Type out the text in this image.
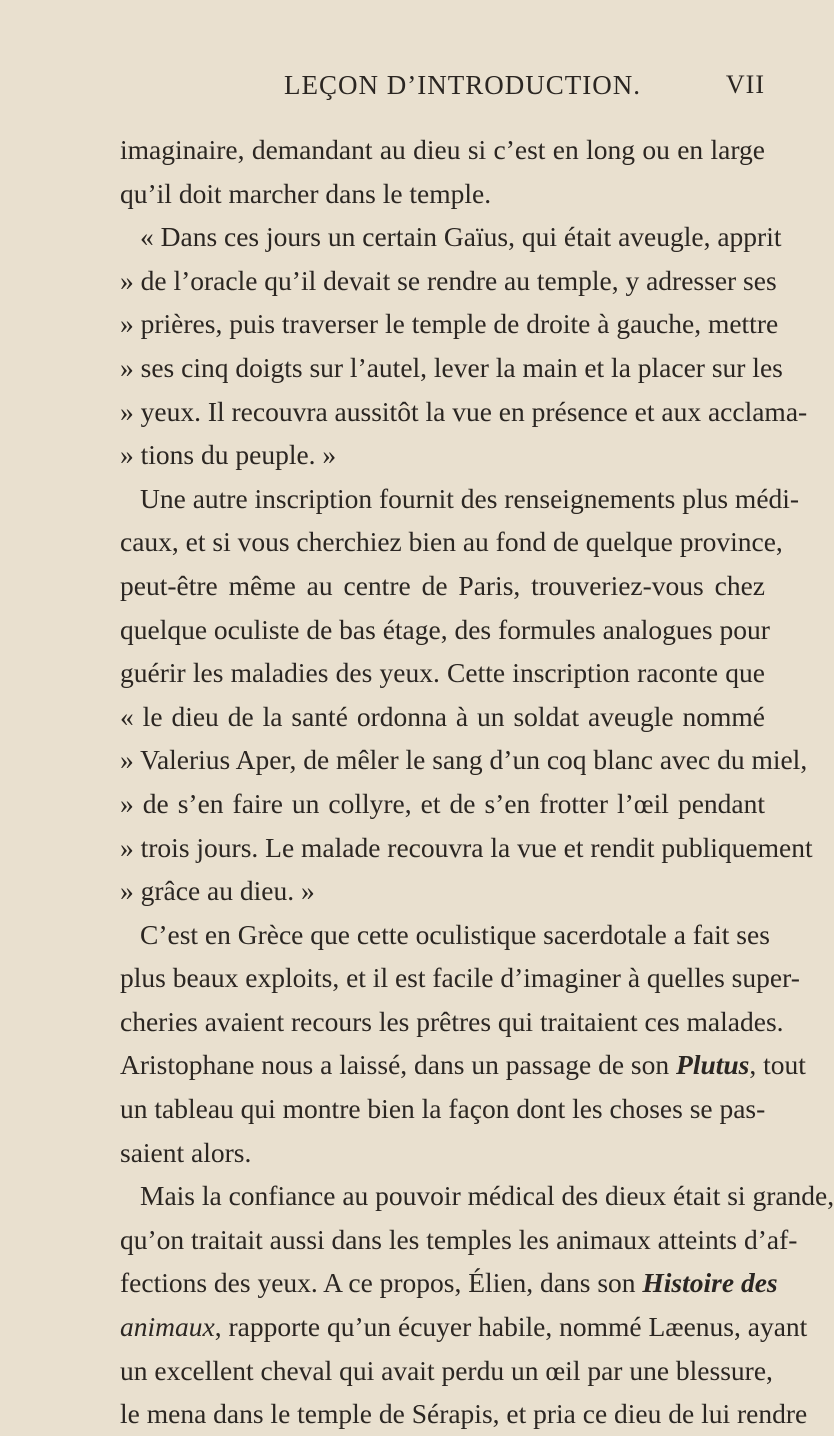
LEÇON D’INTRODUCTION.	VII
imaginaire, demandant au dieu si c’est en long ou en large
qu’il doit marcher dans le temple.
« Dans ces jours un certain Gaïus, qui était aveugle, apprit
» de l’oracle qu’il devait se rendre au temple, y adresser ses
» prières, puis traverser le temple de droite à gauche, mettre
» ses cinq doigts sur l’autel, lever la main et la placer sur les
» yeux. Il recouvra aussitôt la vue en présence et aux acclama-
» tions du peuple. »
Une autre inscription fournit des renseignements plus médi-
caux, et si vous cherchiez bien au fond de quelque province,
peut-être même au centre de Paris, trouveriez-vous chez
quelque oculiste de bas étage, des formules analogues pour
guérir les maladies des yeux. Cette inscription raconte que
« le dieu de la santé ordonna à un soldat aveugle nommé
» Valerius Aper, de mêler le sang d’un coq blanc avec du miel,
» de s’en faire un collyre, et de s’en frotter l’œil pendant
» trois jours. Le malade recouvra la vue et rendit publiquement
» grâce au dieu. »
C’est en Grèce que cette oculistique sacerdotale a fait ses
plus beaux exploits, et il est facile d’imaginer à quelles super-
cheries avaient recours les prêtres qui traitaient ces malades.
Aristophane nous a laissé, dans un passage de son Plutus, tout
un tableau qui montre bien la façon dont les choses se pas-
saient alors.
Mais la confiance au pouvoir médical des dieux était si grande,
qu’on traitait aussi dans les temples les animaux atteints d’af-
fections des yeux. A ce propos, Élien, dans son Histoire des
animaux, rapporte qu’un écuyer habile, nommé Læenus, ayant
un excellent cheval qui avait perdu un œil par une blessure,
le mena dans le temple de Sérapis, et pria ce dieu de lui rendre
